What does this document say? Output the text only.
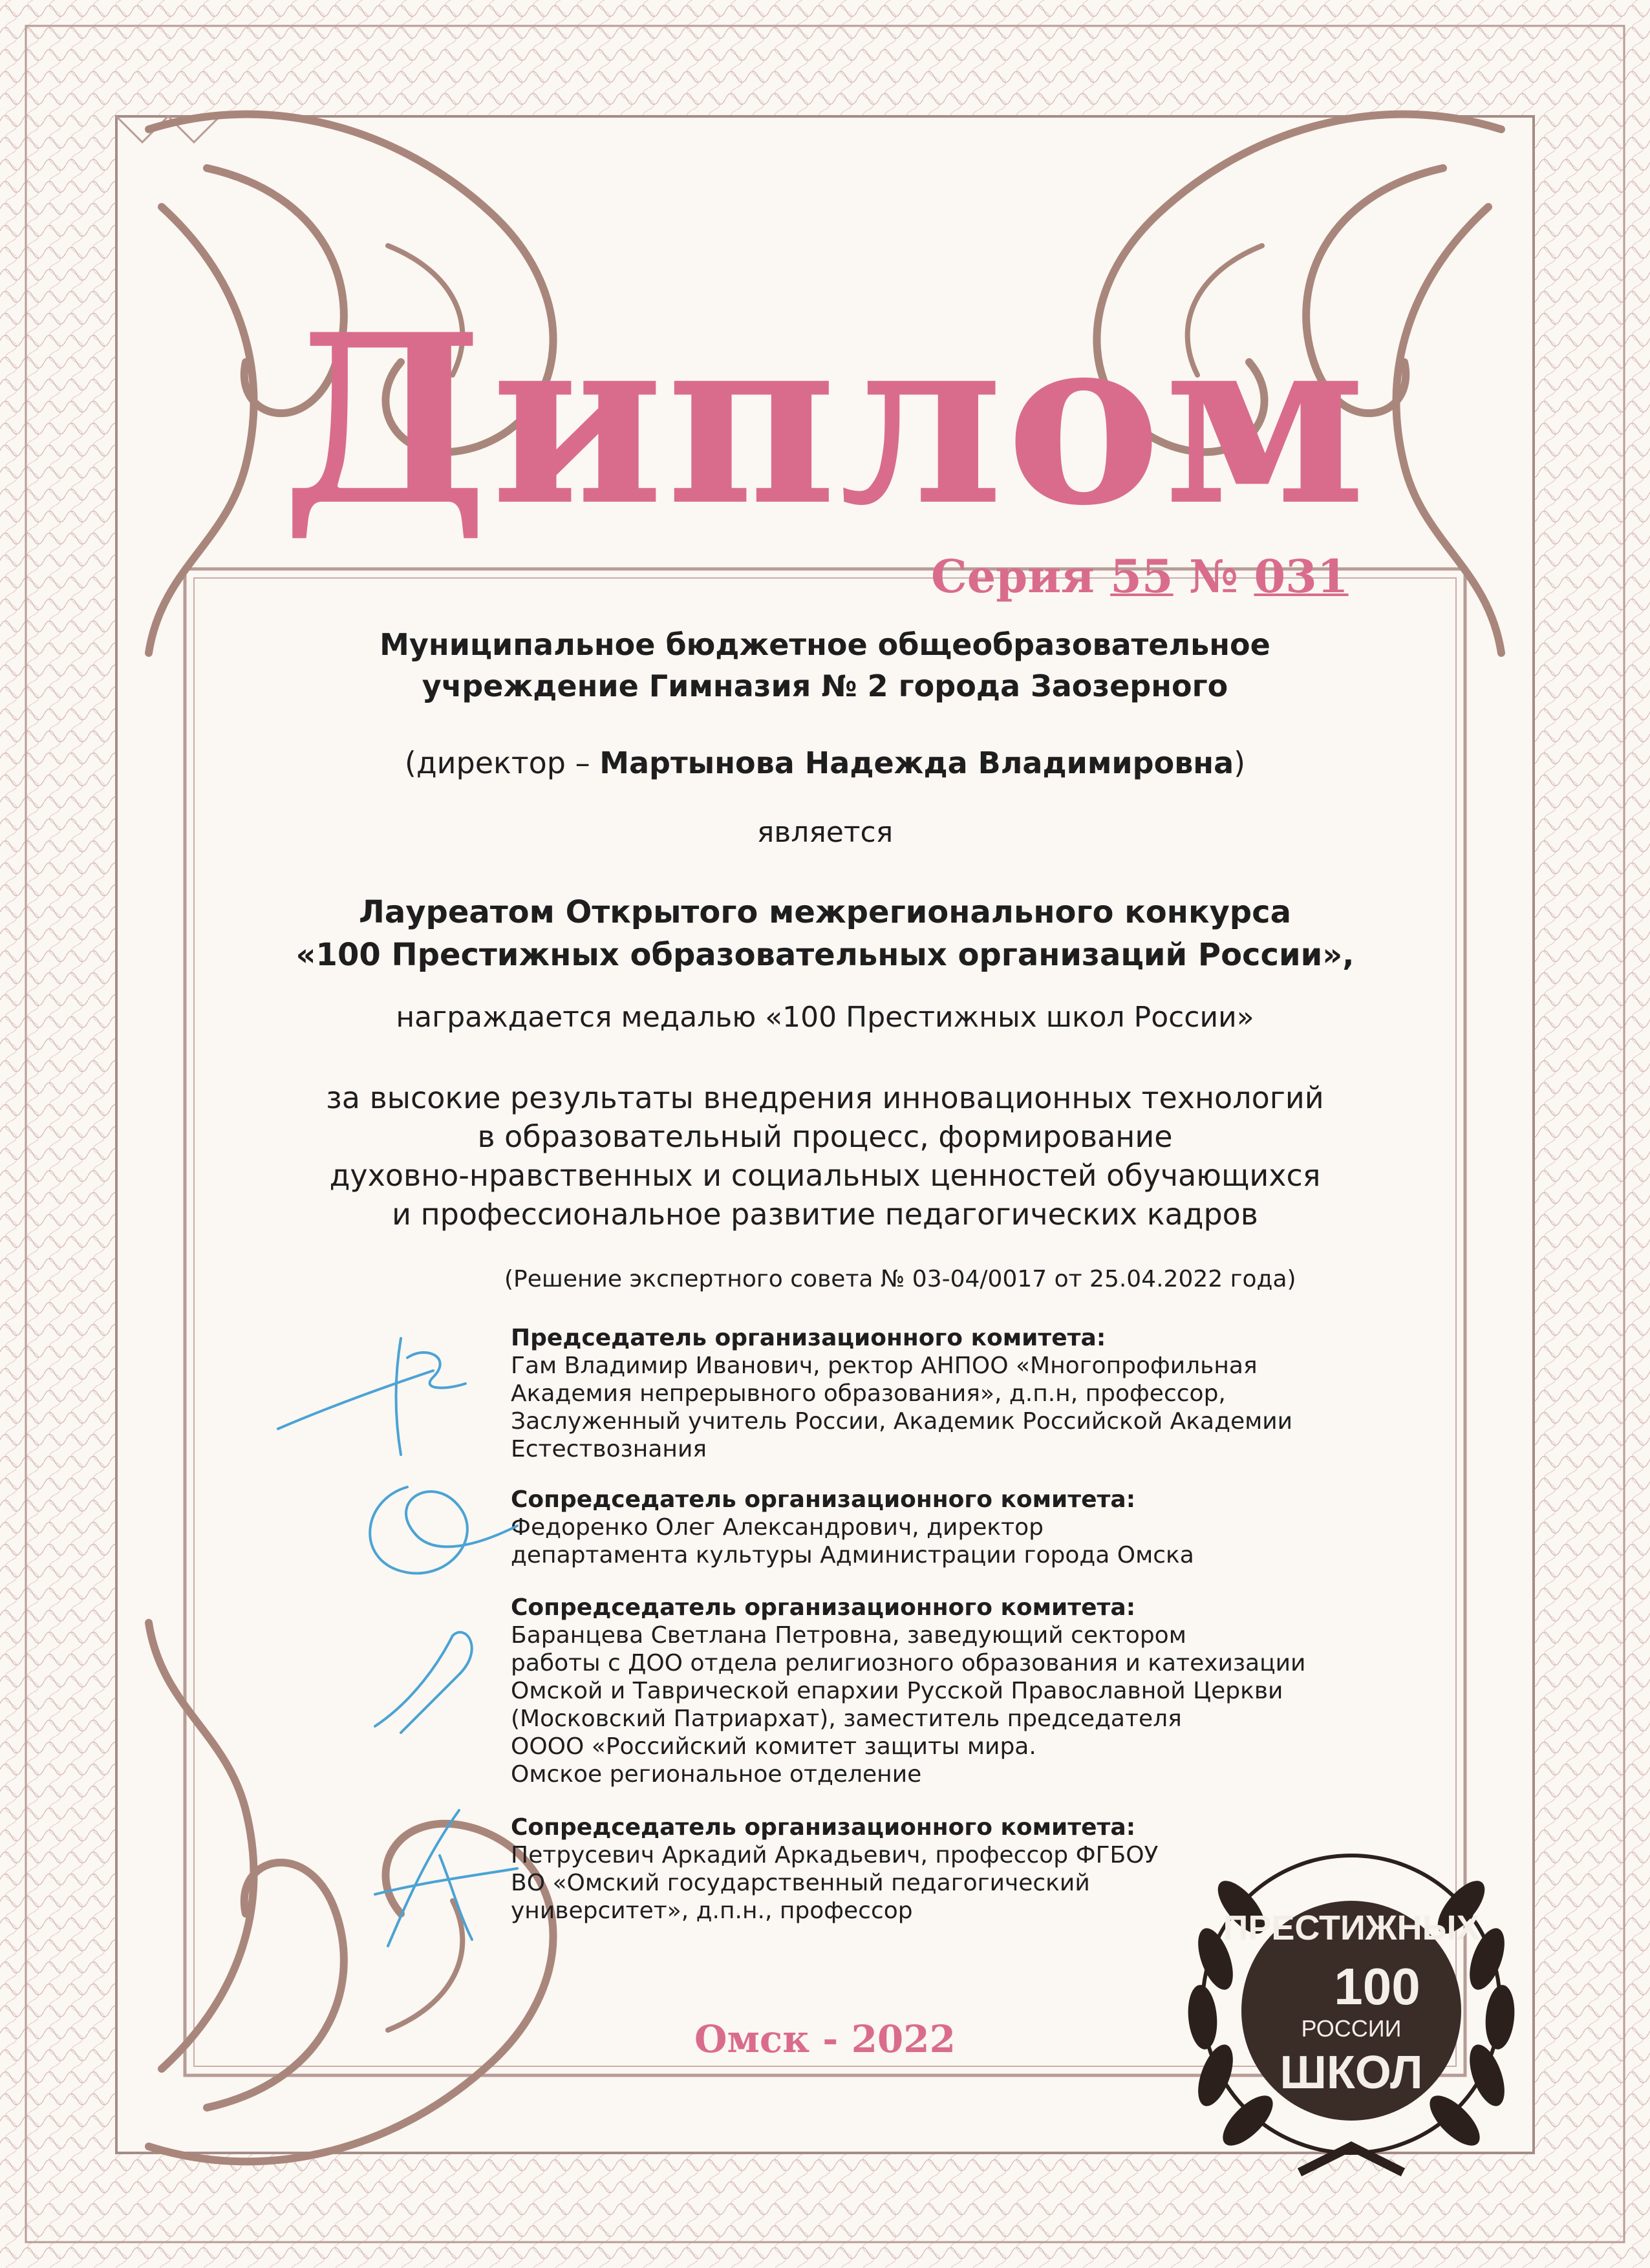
Диплом
Серия 55 № 031
Муниципальное бюджетное общеобразовательное
учреждение Гимназия № 2 города Заозерного
(директор – Мартынова Надежда Владимировна)
является
Лауреатом Открытого межрегионального конкурса
«100 Престижных образовательных организаций России»,
награждается медалью «100 Престижных школ России»
за высокие результаты внедрения инновационных технологий
в образовательный процесс, формирование
духовно-нравственных и социальных ценностей обучающихся
и профессиональное развитие педагогических кадров
(Решение экспертного совета № 03-04/0017 от 25.04.2022 года)
Председатель организационного комитета:
Гам Владимир Иванович, ректор АНПОО «Многопрофильная
Академия непрерывного образования», д.п.н, профессор,
Заслуженный учитель России, Академик Российской Академии
Естествознания
Сопредседатель организационного комитета:
Федоренко Олег Александрович, директор
департамента культуры Администрации города Омска
Сопредседатель организационного комитета:
Баранцева Светлана Петровна, заведующий сектором
работы с ДОО отдела религиозного образования и катехизации
Омской и Таврической епархии Русской Православной Церкви
(Московский Патриархат), заместитель председателя
ОООО «Российский комитет защиты мира.
Омское региональное отделение
Сопредседатель организационного комитета:
Петрусевич Аркадий Аркадьевич, профессор ФГБОУ
ВО «Омский государственный педагогический
университет», д.п.н., профессор
Омск - 2022
ПРЕСТИЖНЫХ
100
РОССИИ
ШКОЛ
